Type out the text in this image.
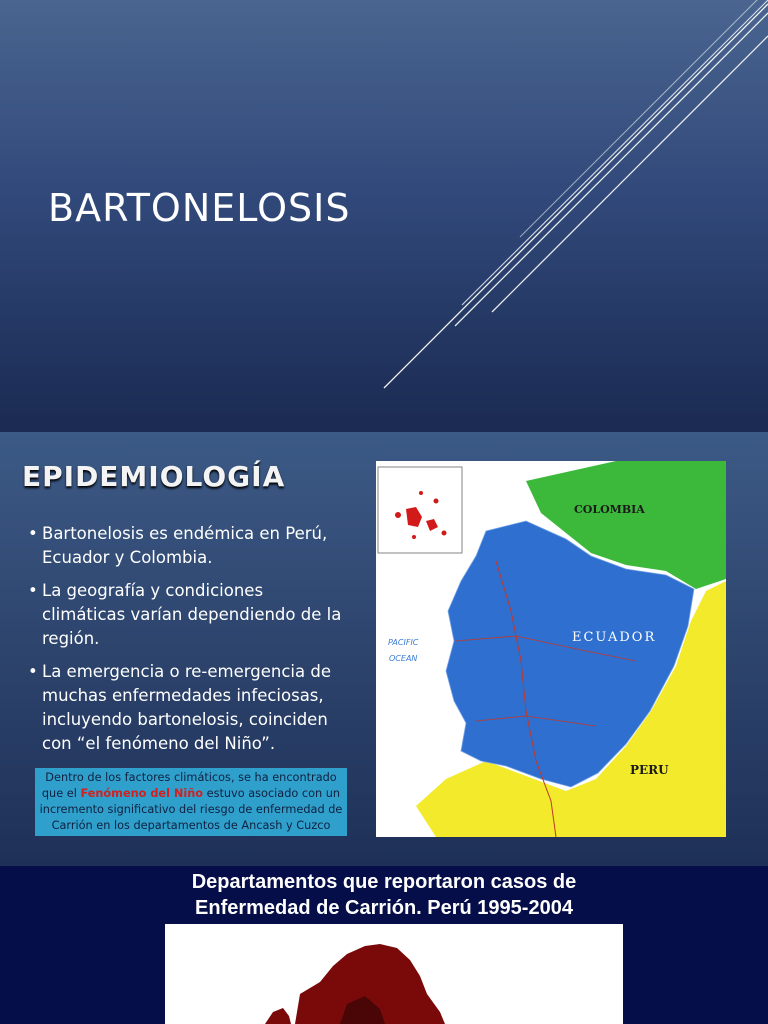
BARTONELOSIS
EPIDEMIOLOGÍA
• Bartonelosis es endémica en Perú, Ecuador y Colombia.
• La geografía y condiciones climáticas varían dependiendo de la región.
• La emergencia o re-emergencia de muchas enfermedades infeciosas, incluyendo bartonelosis, coinciden con “el fenómeno del Niño”.
Dentro de los factores climáticos, se ha encontrado que el Fenómeno del Niño estuvo asociado con un incremento significativo del riesgo de enfermedad de Carrión en los departamentos de Ancash y Cuzco
COLOMBIA
ECUADOR
PERU
PACIFIC
OCEAN
Departamentos que reportaron casos de
Enfermedad de Carrión. Perú 1995-2004
